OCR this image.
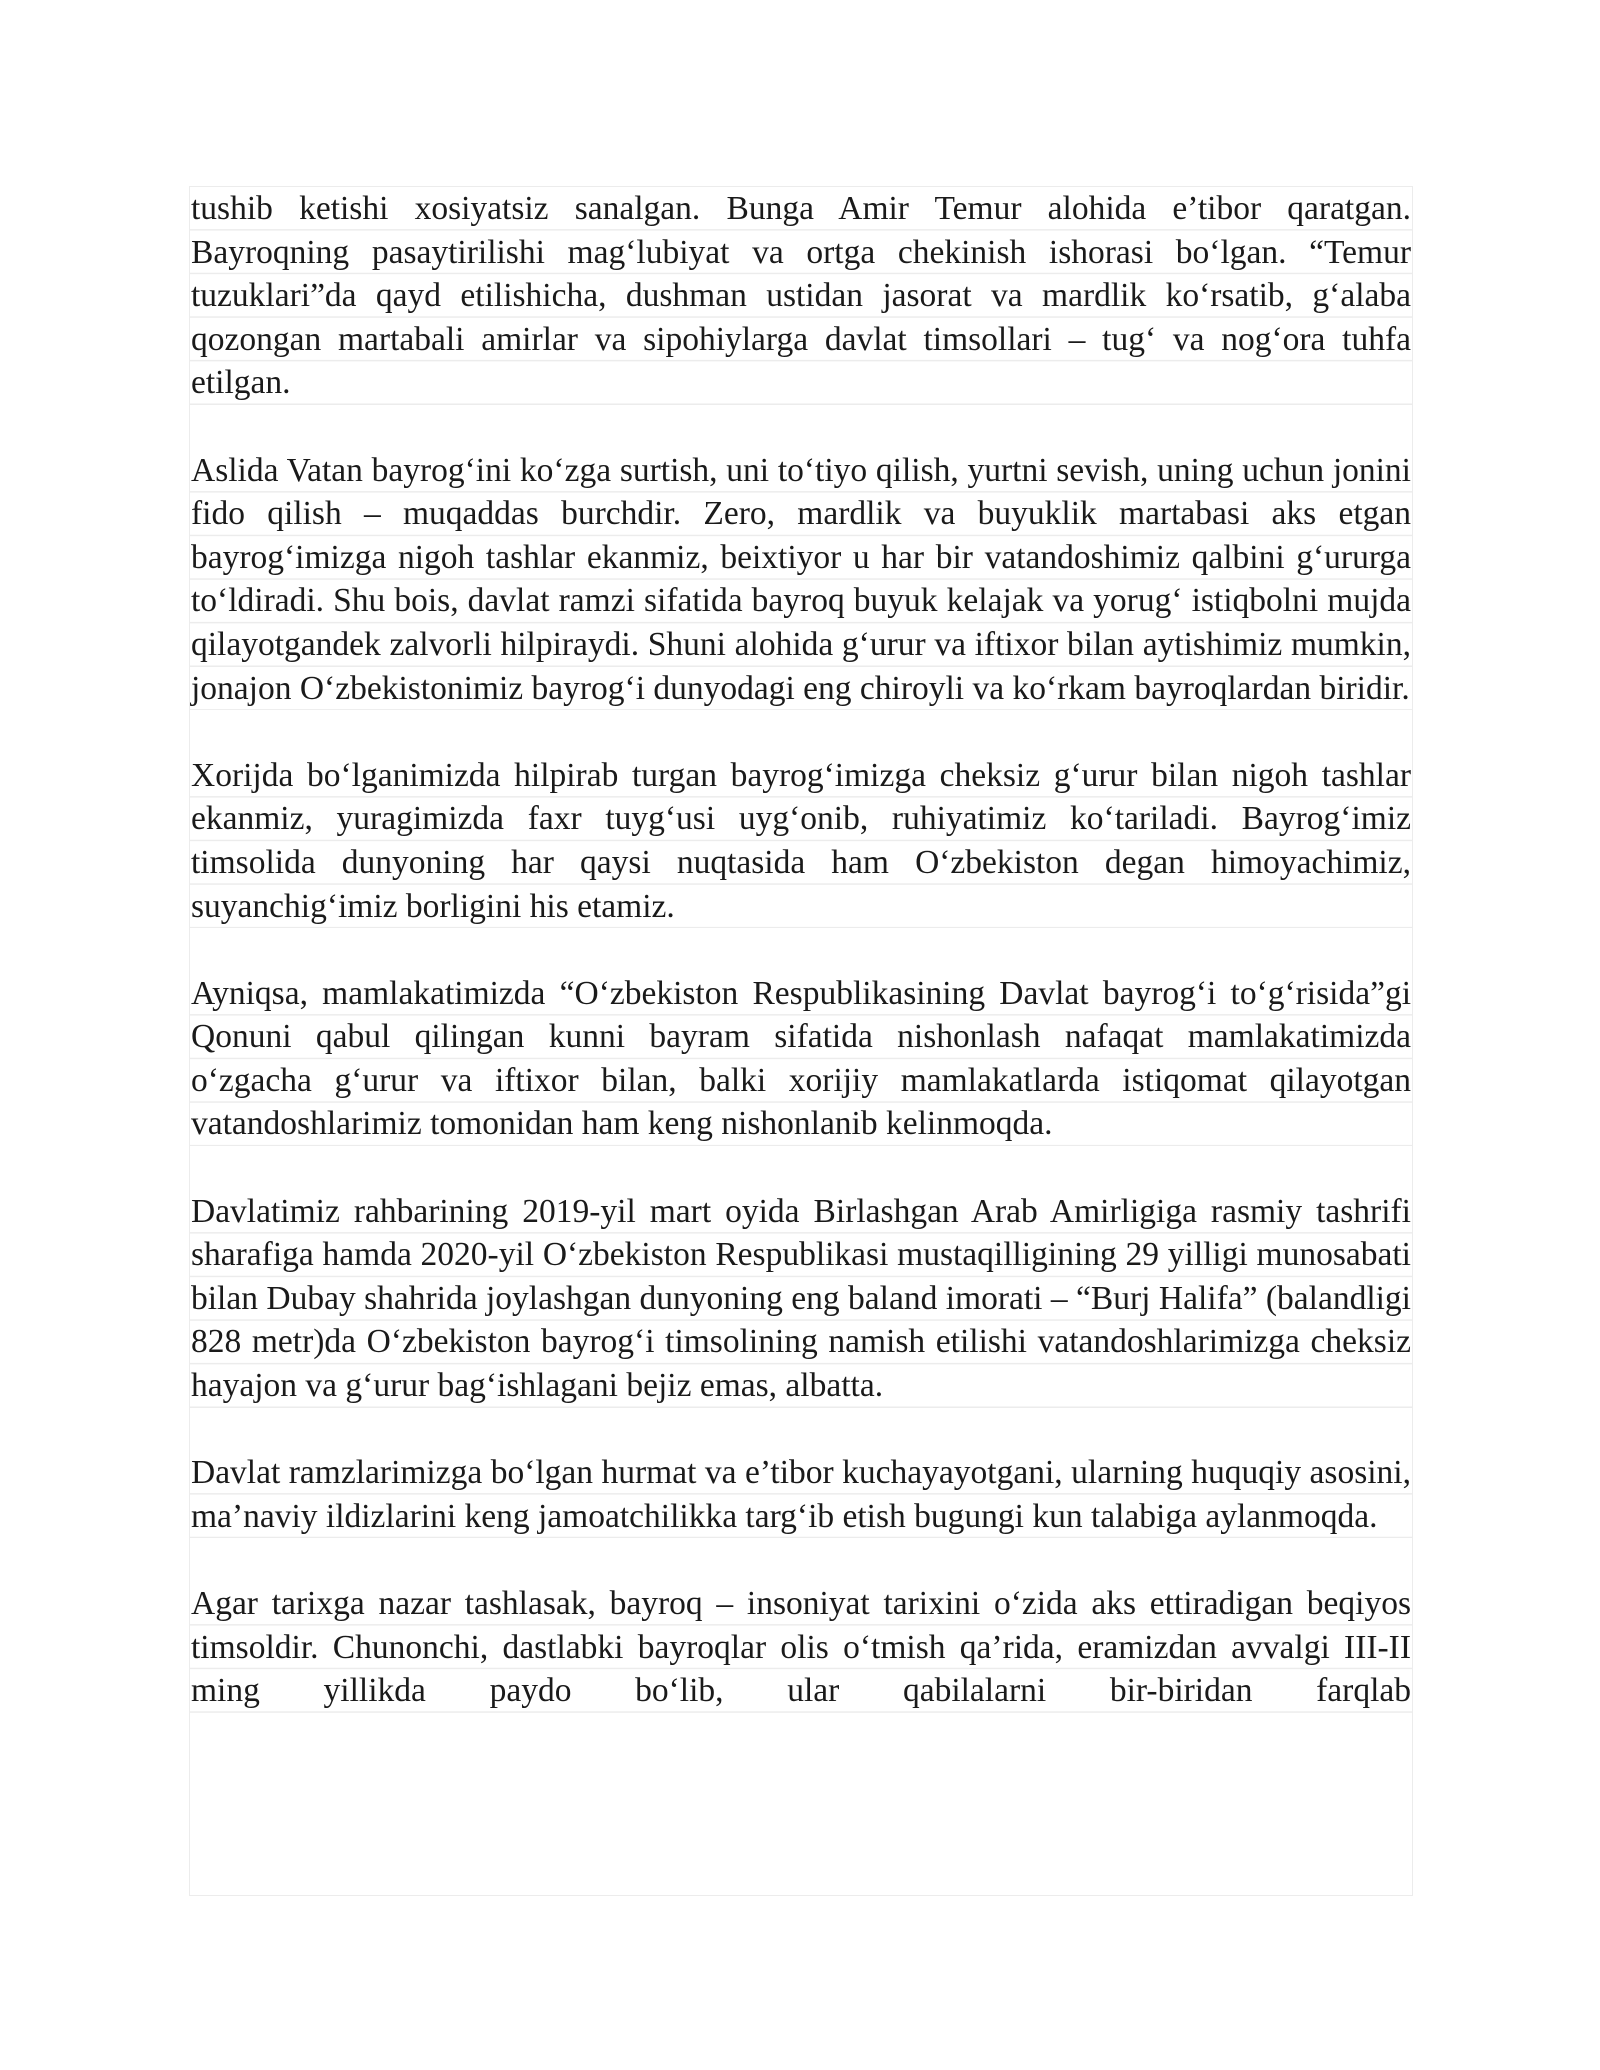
tushib ketishi xosiyatsiz sanalgan. Bunga Amir Temur alohida e’tibor qaratgan. Bayroqning pasaytirilishi mag‘lubiyat va ortga chekinish ishorasi bo‘lgan. “Temur tuzuklari”da qayd etilishicha, dushman ustidan jasorat va mardlik ko‘rsatib, g‘alaba qozongan martabali amirlar va sipohiylarga davlat timsollari – tug‘ va nog‘ora tuhfa etilgan.

Aslida Vatan bayrog‘ini ko‘zga surtish, uni to‘tiyo qilish, yurtni sevish, uning uchun jonini fido qilish – muqaddas burchdir. Zero, mardlik va buyuklik martabasi aks etgan bayrog‘imizga nigoh tashlar ekanmiz, beixtiyor u har bir vatandoshimiz qalbini g‘ururga to‘ldiradi. Shu bois, davlat ramzi sifatida bayroq buyuk kelajak va yorug‘ istiqbolni mujda qilayotgandek zalvorli hilpiraydi. Shuni alohida g‘urur va iftixor bilan aytishimiz mumkin, jonajon O‘zbekistonimiz bayrog‘i dunyodagi eng chiroyli va ko‘rkam bayroqlardan biridir.

Xorijda bo‘lganimizda hilpirab turgan bayrog‘imizga cheksiz g‘urur bilan nigoh tashlar ekanmiz, yuragimizda faxr tuyg‘usi uyg‘onib, ruhiyatimiz ko‘tariladi. Bayrog‘imiz timsolida dunyoning har qaysi nuqtasida ham O‘zbekiston degan himoyachimiz, suyanchig‘imiz borligini his etamiz.

Ayniqsa, mamlakatimizda “O‘zbekiston Respublikasining Davlat bayrog‘i to‘g‘risida”gi Qonuni qabul qilingan kunni bayram sifatida nishonlash nafaqat mamlakatimizda o‘zgacha g‘urur va iftixor bilan, balki xorijiy mamlakatlarda istiqomat qilayotgan vatandoshlarimiz tomonidan ham keng nishonlanib kelinmoqda.

Davlatimiz rahbarining 2019-yil mart oyida Birlashgan Arab Amirligiga rasmiy tashrifi sharafiga hamda 2020-yil O‘zbekiston Respublikasi mustaqilligining 29 yilligi munosabati bilan Dubay shahrida joylashgan dunyoning eng baland imorati – “Burj Halifa” (balandligi 828 metr)da O‘zbekiston bayrog‘i timsolining namish etilishi vatandoshlarimizga cheksiz hayajon va g‘urur bag‘ishlagani bejiz emas, albatta.

Davlat ramzlarimizga bo‘lgan hurmat va e’tibor kuchayayotgani, ularning huquqiy asosini, ma’naviy ildizlarini keng jamoatchilikka targ‘ib etish bugungi kun talabiga aylanmoqda.

Agar tarixga nazar tashlasak, bayroq – insoniyat tarixini o‘zida aks ettiradigan beqiyos timsoldir. Chunonchi, dastlabki bayroqlar olis o‘tmish qa’rida, eramizdan avvalgi III-II ming yillikda paydo bo‘lib, ular qabilalarni bir-biridan farqlab
